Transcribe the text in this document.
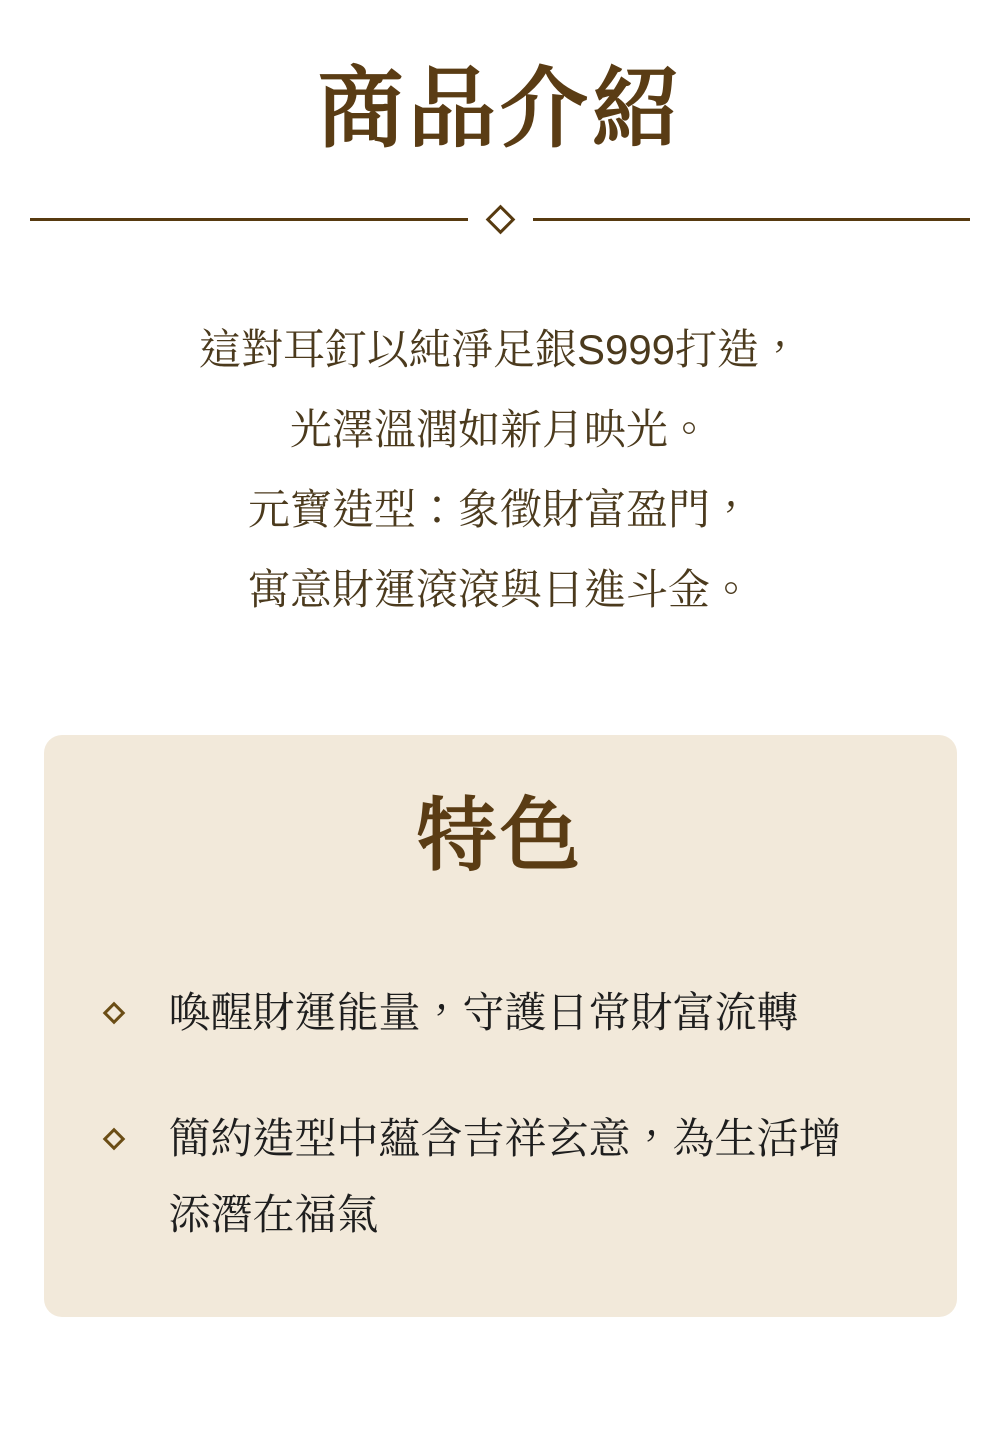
商品介紹
這對耳釘以純淨足銀S999打造，
光澤溫潤如新月映光。
元寶造型：象徵財富盈門，
寓意財運滾滾與日進斗金。
特色
喚醒財運能量，守護日常財富流轉
簡約造型中蘊含吉祥玄意，為生活增添潛在福氣
